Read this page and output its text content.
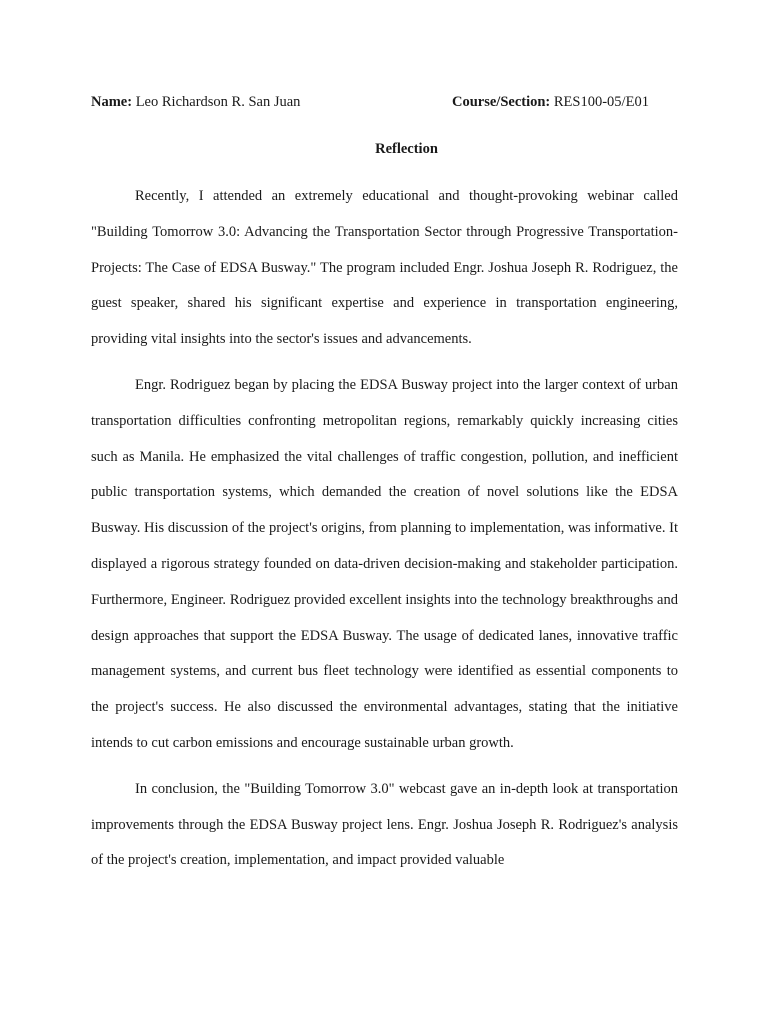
Name: Leo Richardson R. San Juan	Course/Section: RES100-05/E01
Reflection

Recently, I attended an extremely educational and thought-provoking webinar called "Building Tomorrow 3.0: Advancing the Transportation Sector through Progressive Transportation-Projects: The Case of EDSA Busway." The program included Engr. Joshua Joseph R. Rodriguez, the guest speaker, shared his significant expertise and experience in transportation engineering, providing vital insights into the sector's issues and advancements.

Engr. Rodriguez began by placing the EDSA Busway project into the larger context of urban transportation difficulties confronting metropolitan regions, remarkably quickly increasing cities such as Manila. He emphasized the vital challenges of traffic congestion, pollution, and inefficient public transportation systems, which demanded the creation of novel solutions like the EDSA Busway. His discussion of the project's origins, from planning to implementation, was informative. It displayed a rigorous strategy founded on data-driven decision-making and stakeholder participation. Furthermore, Engineer. Rodriguez provided excellent insights into the technology breakthroughs and design approaches that support the EDSA Busway. The usage of dedicated lanes, innovative traffic management systems, and current bus fleet technology were identified as essential components to the project's success. He also discussed the environmental advantages, stating that the initiative intends to cut carbon emissions and encourage sustainable urban growth.

In conclusion, the "Building Tomorrow 3.0" webcast gave an in-depth look at transportation improvements through the EDSA Busway project lens. Engr. Joshua Joseph R. Rodriguez's analysis of the project's creation, implementation, and impact provided valuable
